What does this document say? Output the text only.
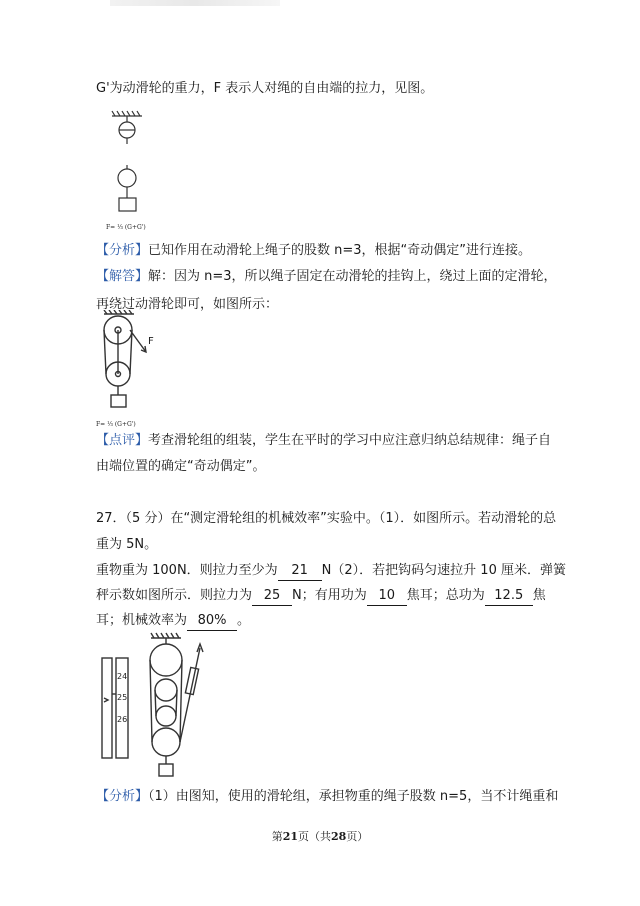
G'为动滑轮的重力，F 表示人对绳的自由端的拉力，见图。
F= ⅓ (G+G')
【分析】已知作用在动滑轮上绳子的股数 n=3，根据“奇动偶定”进行连接。
【解答】解：因为 n=3，所以绳子固定在动滑轮的挂钩上，绕过上面的定滑轮，
再绕过动滑轮即可，如图所示：
F
F= ⅓ (G+G')
【点评】考查滑轮组的组装，学生在平时的学习中应注意归纳总结规律：绳子自
由端位置的确定“奇动偶定”。
27．（5 分）在“测定滑轮组的机械效率”实验中。（1）．如图所示。若动滑轮的总
重为 5N。
重物重为 100N．则拉力至少为 21 N（2）．若把钩码匀速拉升 10 厘米．弹簧
秤示数如图所示．则拉力为 25 N；有用功为 10 焦耳；总功为 12.5 焦
耳；机械效率为 80% 。
24
25
26
【分析】（1）由图知，使用的滑轮组，承担物重的绳子股数 n=5，当不计绳重和
第21页（共28页）
